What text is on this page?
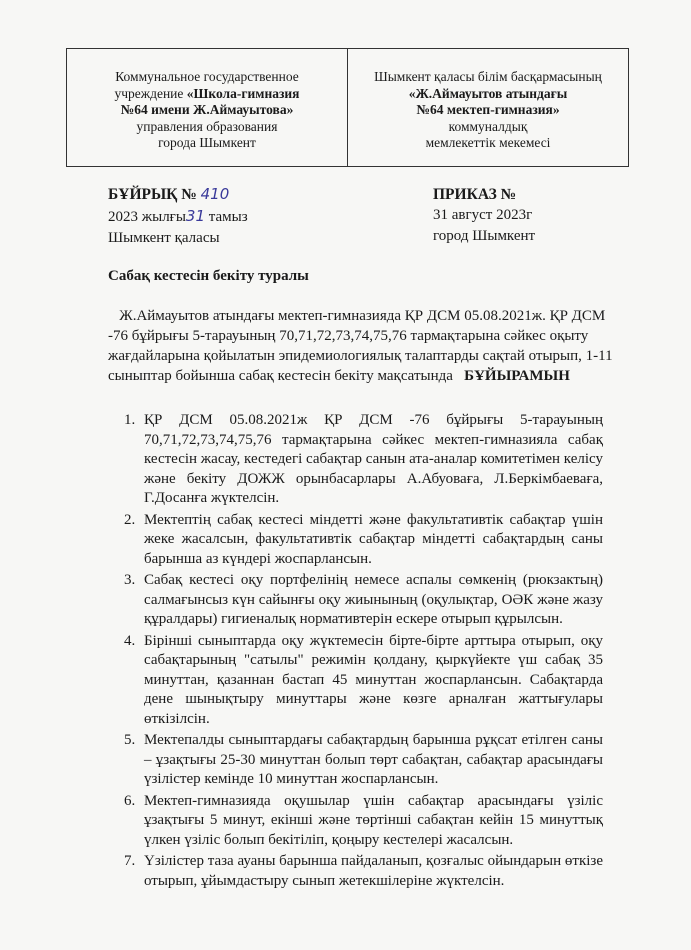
Коммунальное государственное
учреждение «Школа-гимназия
№64 имени Ж.Аймауытова»
управления образования
города Шымкент
Шымкент қаласы білім басқармасының
«Ж.Аймауытов атындағы
№64 мектеп-гимназия»
коммуналдық
мемлекеттік мекемесі
БҰЙРЫҚ № 410
2023 жылғы31 тамыз
Шымкент қаласы
ПРИКАЗ №
31 август 2023г
город Шымкент
Сабақ кестесін бекіту туралы
Ж.Аймауытов атындағы мектеп-гимназияда ҚР ДСМ 05.08.2021ж. ҚР ДСМ -76 бұйрығы 5-тарауының 70,71,72,73,74,75,76 тармақтарына сәйкес оқыту жағдайларына қойылатын эпидемиологиялық талаптарды сақтай отырып, 1-11 сыныптар бойынша сабақ кестесін бекіту мақсатында БҰЙЫРАМЫН
1. ҚР ДСМ 05.08.2021ж ҚР ДСМ -76 бұйрығы 5-тарауының 70,71,72,73,74,75,76 тармақтарына сәйкес мектеп-гимназияла сабақ кестесін жасау, кестедегі сабақтар санын ата-аналар комитетімен келісу және бекіту ДОЖЖ орынбасарлары А.Абуоваға, Л.Беркімбаеваға, Г.Досанға жүктелсін.
2. Мектептің сабақ кестесі міндетті және факультативтік сабақтар үшін жеке жасалсын, факультативтік сабақтар міндетті сабақтардың саны барынша аз күндері жоспарлансын.
3. Сабақ кестесі оқу портфелінің немесе аспалы сөмкенің (рюкзактың) салмағынсыз күн сайынғы оқу жиынының (оқулықтар, ОӘК және жазу құралдары) гигиеналық нормативтерін ескере отырып құрылсын.
4. Бірінші сыныптарда оқу жүктемесін бірте-бірте арттыра отырып, оқу сабақтарының "сатылы" режимін қолдану, қыркүйекте үш сабақ 35 минуттан, қазаннан бастап 45 минуттан жоспарлансын. Сабақтарда дене шынықтыру минуттары және көзге арналған жаттығулары өткізілсін.
5. Мектепалды сыныптардағы сабақтардың барынша рұқсат етілген саны – ұзақтығы 25-30 минуттан болып төрт сабақтан, сабақтар арасындағы үзілістер кемінде 10 минуттан жоспарлансын.
6. Мектеп-гимназияда оқушылар үшін сабақтар арасындағы үзіліс ұзақтығы 5 минут, екінші және төртінші сабақтан кейін 15 минуттық үлкен үзіліс болып бекітіліп, қоңыру кестелері жасалсын.
7. Үзілістер таза ауаны барынша пайдаланып, қозғалыс ойындарын өткізе отырып, ұйымдастыру сынып жетекшілеріне жүктелсін.
